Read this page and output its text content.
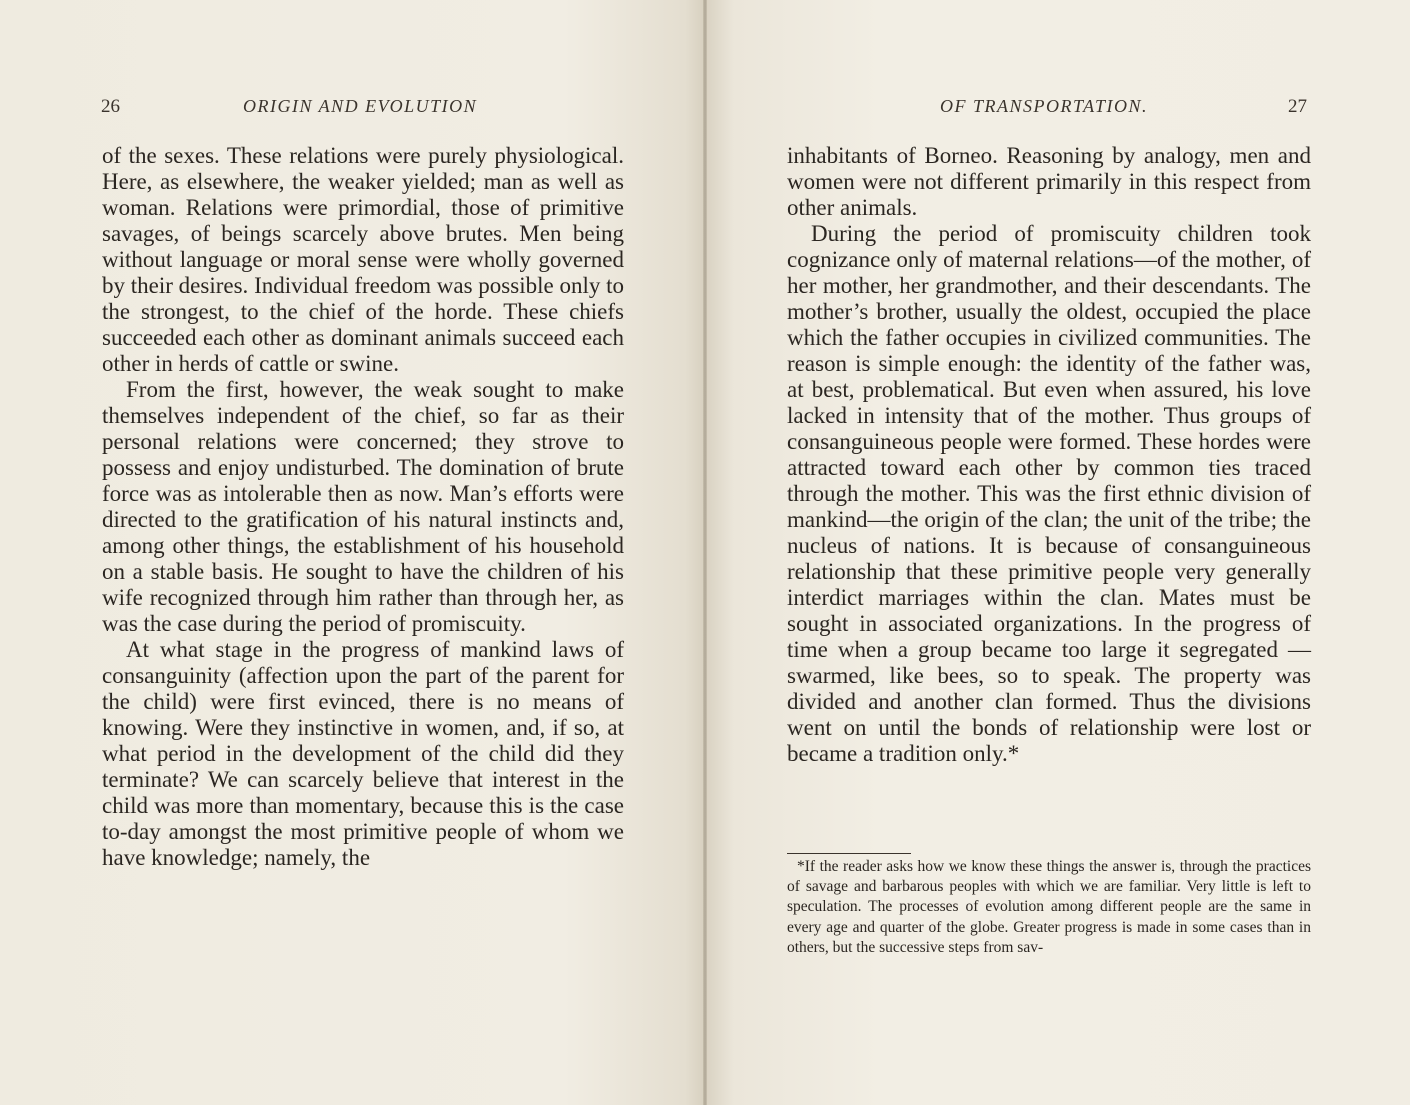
26	ORIGIN AND EVOLUTION

of the sexes. These relations were purely physiological. Here, as elsewhere, the weaker yielded; man as well as woman. Relations were primordial, those of primitive savages, of beings scarcely above brutes. Men being without language or moral sense were wholly governed by their desires. Individual freedom was possible only to the strongest, to the chief of the horde. These chiefs succeeded each other as dominant animals succeed each other in herds of cattle or swine.

From the first, however, the weak sought to make themselves independent of the chief, so far as their personal relations were concerned; they strove to possess and enjoy undisturbed. The domination of brute force was as intolerable then as now. Man’s efforts were directed to the gratification of his natural instincts and, among other things, the establishment of his household on a stable basis. He sought to have the children of his wife recognized through him rather than through her, as was the case during the period of promiscuity.

At what stage in the progress of mankind laws of consanguinity (affection upon the part of the parent for the child) were first evinced, there is no means of knowing. Were they instinctive in women, and, if so, at what period in the development of the child did they terminate? We can scarcely believe that interest in the child was more than momentary, because this is the case to-day amongst the most primitive people of whom we have knowledge; namely, the

OF TRANSPORTATION.	27

inhabitants of Borneo. Reasoning by analogy, men and women were not different primarily in this respect from other animals.

During the period of promiscuity children took cognizance only of maternal relations—of the mother, of her mother, her grandmother, and their descendants. The mother’s brother, usually the oldest, occupied the place which the father occupies in civilized communities. The reason is simple enough: the identity of the father was, at best, problematical. But even when assured, his love lacked in intensity that of the mother. Thus groups of consanguineous people were formed. These hordes were attracted toward each other by common ties traced through the mother. This was the first ethnic division of mankind—the origin of the clan; the unit of the tribe; the nucleus of nations. It is because of consanguineous relationship that these primitive people very generally interdict marriages within the clan. Mates must be sought in associated organizations. In the progress of time when a group became too large it segregated — swarmed, like bees, so to speak. The property was divided and another clan formed. Thus the divisions went on until the bonds of relationship were lost or became a tradition only.*

*If the reader asks how we know these things the answer is, through the practices of savage and barbarous peoples with which we are familiar. Very little is left to speculation. The processes of evolution among different people are the same in every age and quarter of the globe. Greater progress is made in some cases than in others, but the successive steps from sav-
